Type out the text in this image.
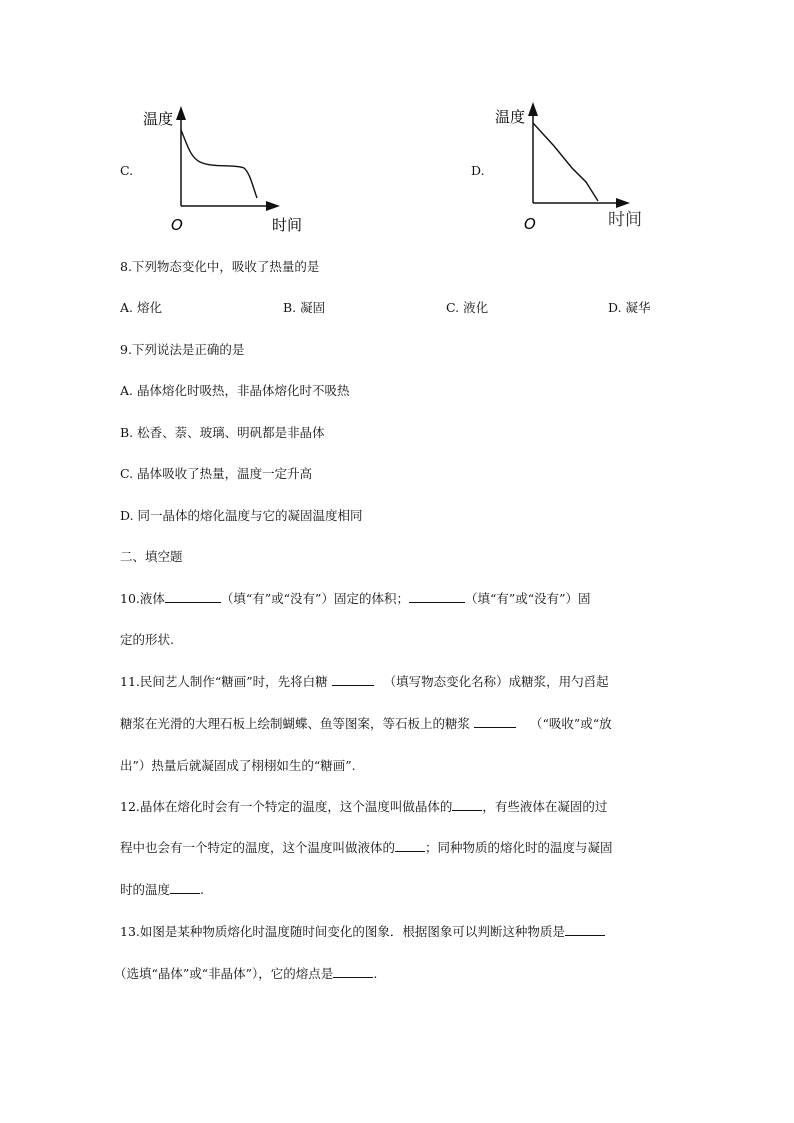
C.
温度
O	时间
D.
温度
O	时间
8.下列物态变化中，吸收了热量的是
A. 熔化	B. 凝固	C. 液化	D. 凝华
9.下列说法是正确的是
A. 晶体熔化时吸热，非晶体熔化时不吸热
B. 松香、萘、玻璃、明矾都是非晶体
C. 晶体吸收了热量，温度一定升高
D. 同一晶体的熔化温度与它的凝固温度相同
二、填空题
10.液体	（填“有”或“没有”）固定的体积；	（填“有”或“没有”）固
定的形状.
11.民间艺人制作“糖画”时，先将白糖	（填写物态变化名称）成糖浆，用勺舀起
糖浆在光滑的大理石板上绘制蝴蝶、鱼等图案，等石板上的糖浆	（“吸收”或“放
出”）热量后就凝固成了栩栩如生的“糖画”.
12.晶体在熔化时会有一个特定的温度，这个温度叫做晶体的 ，有些液体在凝固的过
程中也会有一个特定的温度，这个温度叫做液体的 ；同种物质的熔化时的温度与凝固
时的温度 .
13.如图是某种物质熔化时温度随时间变化的图象．根据图象可以判断这种物质是
（选填“晶体”或“非晶体”），它的熔点是	.
